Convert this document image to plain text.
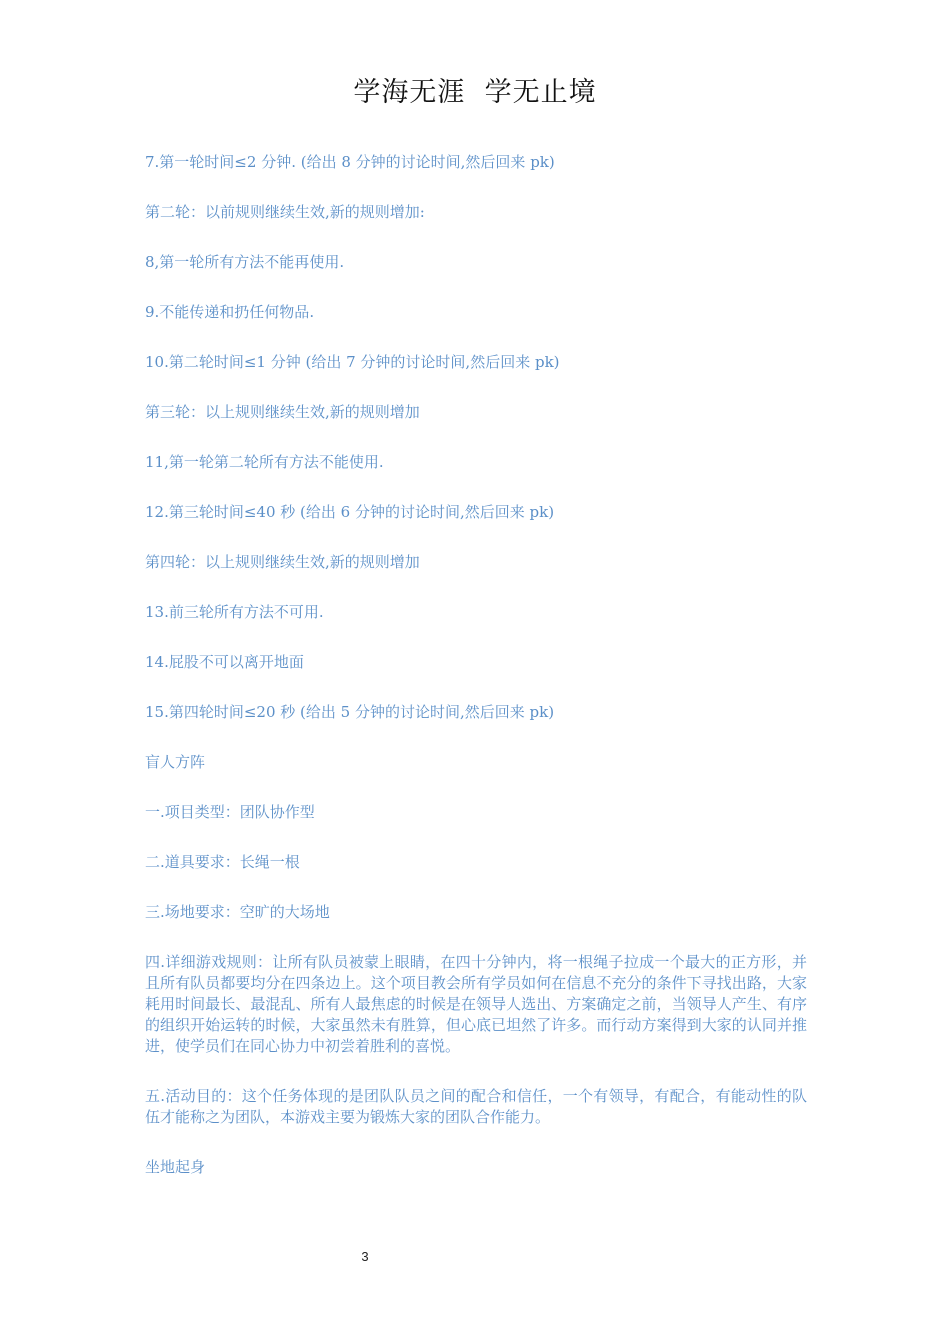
学海无涯  学无止境

7.第一轮时间≤2 分钟. (给出 8 分钟的讨论时间,然后回来 pk)

第二轮：以前规则继续生效,新的规则增加:

8,第一轮所有方法不能再使用.

9.不能传递和扔任何物品.

10.第二轮时间≤1 分钟 (给出 7 分钟的讨论时间,然后回来 pk)

第三轮：以上规则继续生效,新的规则增加

11,第一轮第二轮所有方法不能使用.

12.第三轮时间≤40 秒 (给出 6 分钟的讨论时间,然后回来 pk)

第四轮：以上规则继续生效,新的规则增加

13.前三轮所有方法不可用.

14.屁股不可以离开地面

15.第四轮时间≤20 秒 (给出 5 分钟的讨论时间,然后回来 pk)

盲人方阵

一.项目类型：团队协作型

二.道具要求：长绳一根

三.场地要求：空旷的大场地

四.详细游戏规则：让所有队员被蒙上眼睛，在四十分钟内，将一根绳子拉成一个最大的正方形，并且所有队员都要均分在四条边上。这个项目教会所有学员如何在信息不充分的条件下寻找出路，大家耗用时间最长、最混乱、所有人最焦虑的时候是在领导人选出、方案确定之前，当领导人产生、有序的组织开始运转的时候，大家虽然未有胜算，但心底已坦然了许多。而行动方案得到大家的认同并推进，使学员们在同心协力中初尝着胜利的喜悦。

五.活动目的：这个任务体现的是团队队员之间的配合和信任，一个有领导，有配合，有能动性的队伍才能称之为团队，本游戏主要为锻炼大家的团队合作能力。

坐地起身

3
